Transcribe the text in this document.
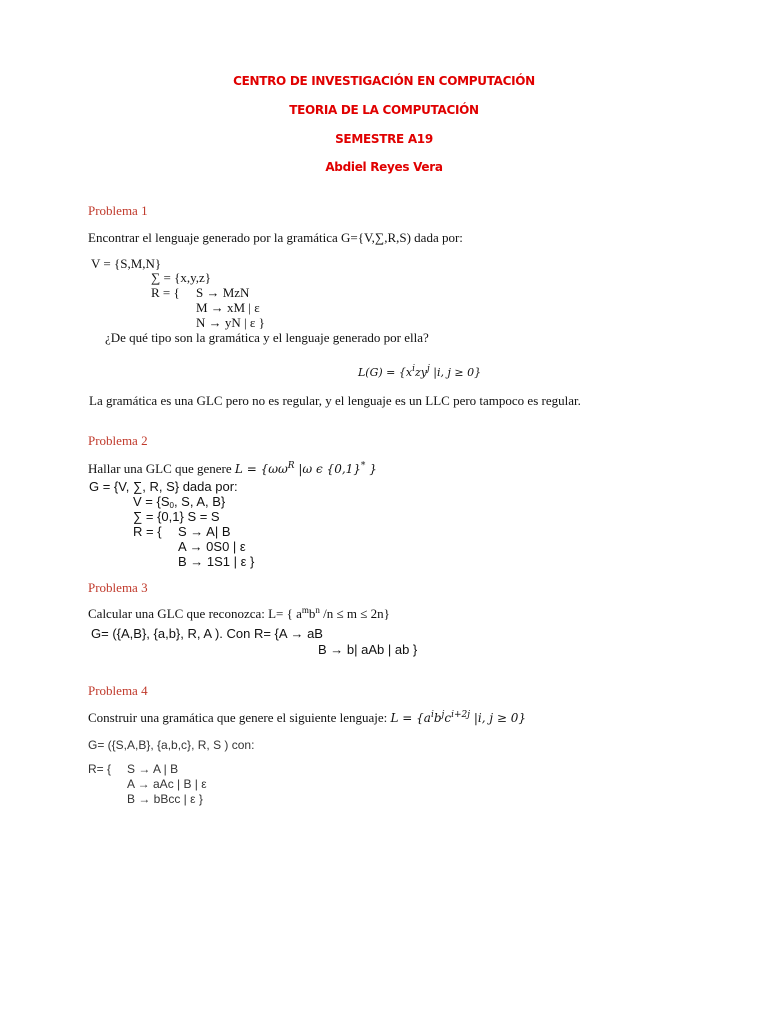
CENTRO DE INVESTIGACIÓN EN COMPUTACIÓN
TEORIA DE LA COMPUTACIÓN
SEMESTRE A19
Abdiel Reyes Vera
Problema 1
Encontrar el lenguaje generado por la gramática G={V,∑,R,S) dada por:
V = {S,M,N}
∑ = {x,y,z}
R = { S → MzN
M → xM | ε
N → yN | ε }
¿De qué tipo son la gramática y el lenguaje generado por ella?
$L(G) = \{x^izy^j$ |i, j ≥ 0}
La gramática es una GLC pero no es regular, y el lenguaje es un LLC pero tampoco es regular.
Problema 2
Hallar una GLC que genere $L = \{\omega\omega^R$ |ω ϵ {0,1}* }
G = {V, ∑, R, S} dada por:
V = {S0, S, A, B}
∑ = {0,1} S = S
R = { S → A| B
A → 0S0 | ε
B → 1S1 | ε }
Problema 3
Calcular una GLC que reconozca: L= { $a^mb^n$ /n ≤ m ≤ 2n}
G= ({A,B}, {a,b}, R, A ). Con R= {A → aB
B → b| aAb | ab }
Problema 4
Construir una gramática que genere el siguiente lenguaje: $L = \{a^ib^jc^{i+2j}$ |i, j ≥ 0}
G= ({S,A,B}, {a,b,c}, R, S ) con:
R= { S → A | B
A → aAc | B | ε
B → bBcc | ε }
